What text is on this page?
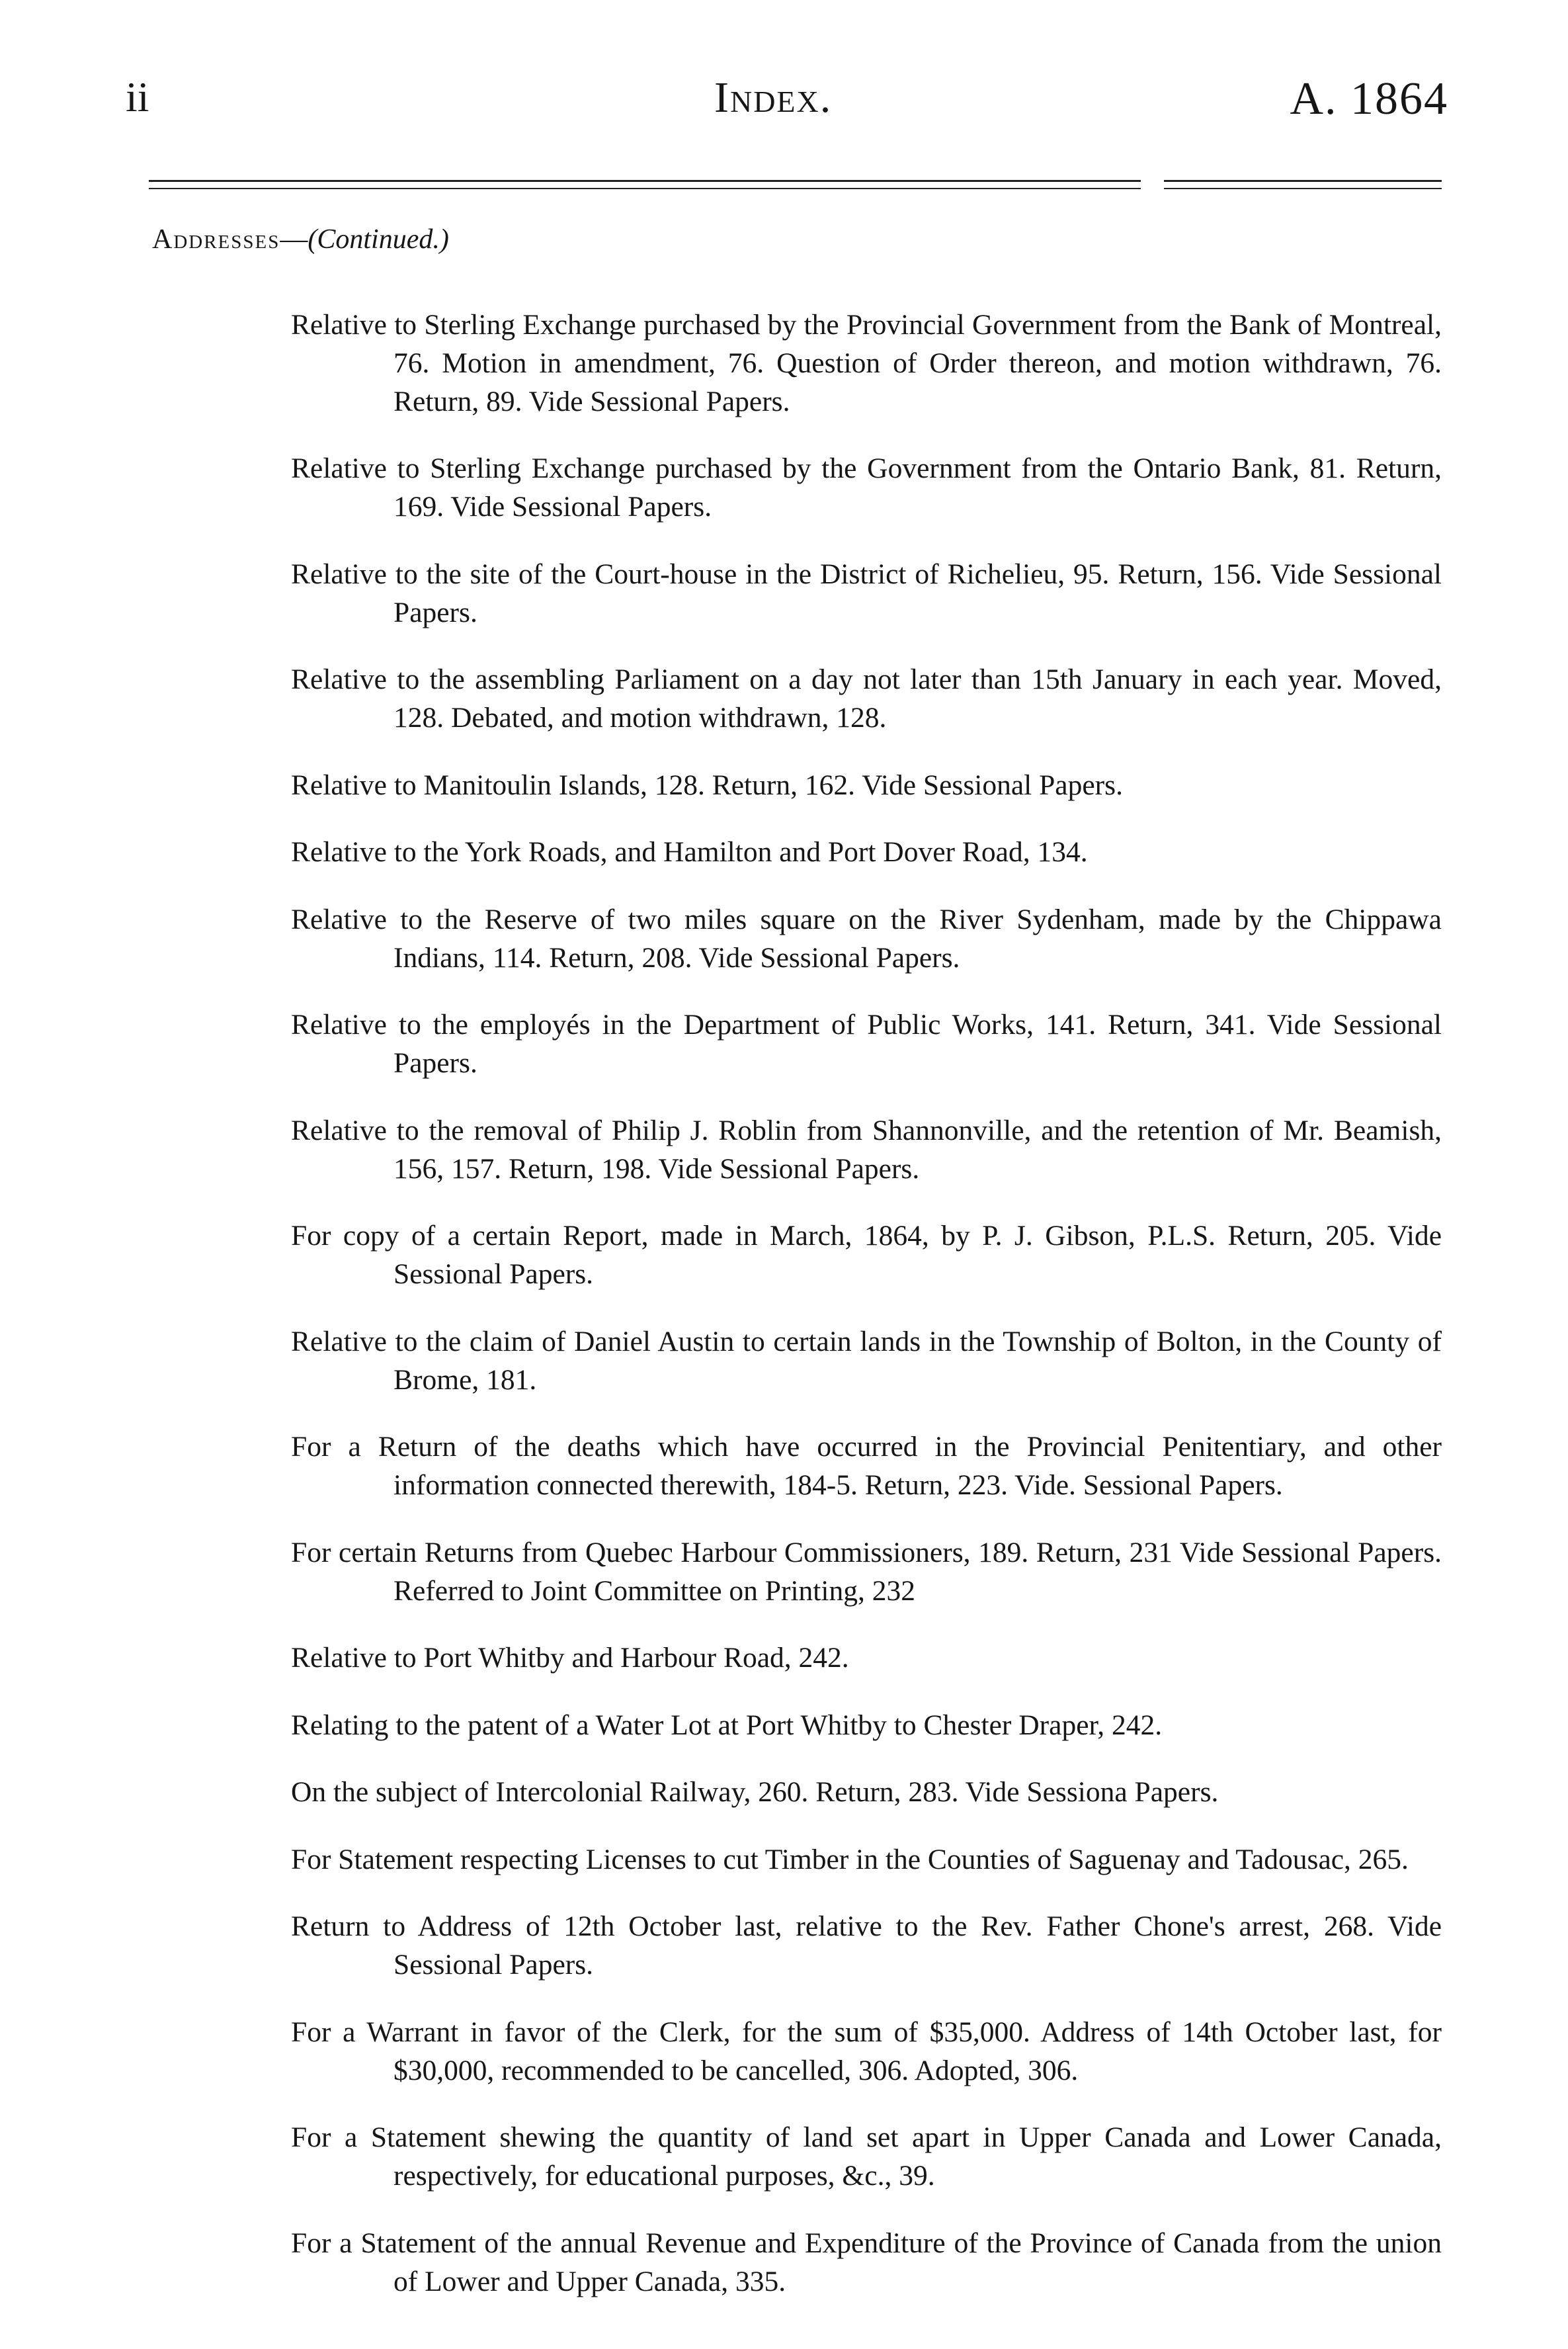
ii	Index.	A. 1864
Addresses—(Continued.)

Relative to Sterling Exchange purchased by the Provincial Government from the Bank of Montreal, 76. Motion in amendment, 76. Question of Order thereon, and motion withdrawn, 76. Return, 89. Vide Sessional Papers.

Relative to Sterling Exchange purchased by the Government from the Ontario Bank, 81. Return, 169. Vide Sessional Papers.

Relative to the site of the Court-house in the District of Richelieu, 95. Return, 156. Vide Sessional Papers.

Relative to the assembling Parliament on a day not later than 15th January in each year. Moved, 128. Debated, and motion withdrawn, 128.

Relative to Manitoulin Islands, 128. Return, 162. Vide Sessional Papers.

Relative to the York Roads, and Hamilton and Port Dover Road, 134.

Relative to the Reserve of two miles square on the River Sydenham, made by the Chippawa Indians, 114. Return, 208. Vide Sessional Papers.

Relative to the employés in the Department of Public Works, 141. Return, 341. Vide Sessional Papers.

Relative to the removal of Philip J. Roblin from Shannonville, and the retention of Mr. Beamish, 156, 157. Return, 198. Vide Sessional Papers.

For copy of a certain Report, made in March, 1864, by P. J. Gibson, P.L.S. Return, 205. Vide Sessional Papers.

Relative to the claim of Daniel Austin to certain lands in the Township of Bolton, in the County of Brome, 181.

For a Return of the deaths which have occurred in the Provincial Penitentiary, and other information connected therewith, 184-5. Return, 223. Vide. Sessional Papers.

For certain Returns from Quebec Harbour Commissioners, 189. Return, 231 Vide Sessional Papers. Referred to Joint Committee on Printing, 232

Relative to Port Whitby and Harbour Road, 242.

Relating to the patent of a Water Lot at Port Whitby to Chester Draper, 242.

On the subject of Intercolonial Railway, 260. Return, 283. Vide Sessiona Papers.

For Statement respecting Licenses to cut Timber in the Counties of Saguenay and Tadousac, 265.

Return to Address of 12th October last, relative to the Rev. Father Chone's arrest, 268. Vide Sessional Papers.

For a Warrant in favor of the Clerk, for the sum of $35,000. Address of 14th October last, for $30,000, recommended to be cancelled, 306. Adopted, 306.

For a Statement shewing the quantity of land set apart in Upper Canada and Lower Canada, respectively, for educational purposes, &c., 39.

For a Statement of the annual Revenue and Expenditure of the Province of Canada from the union of Lower and Upper Canada, 335.
